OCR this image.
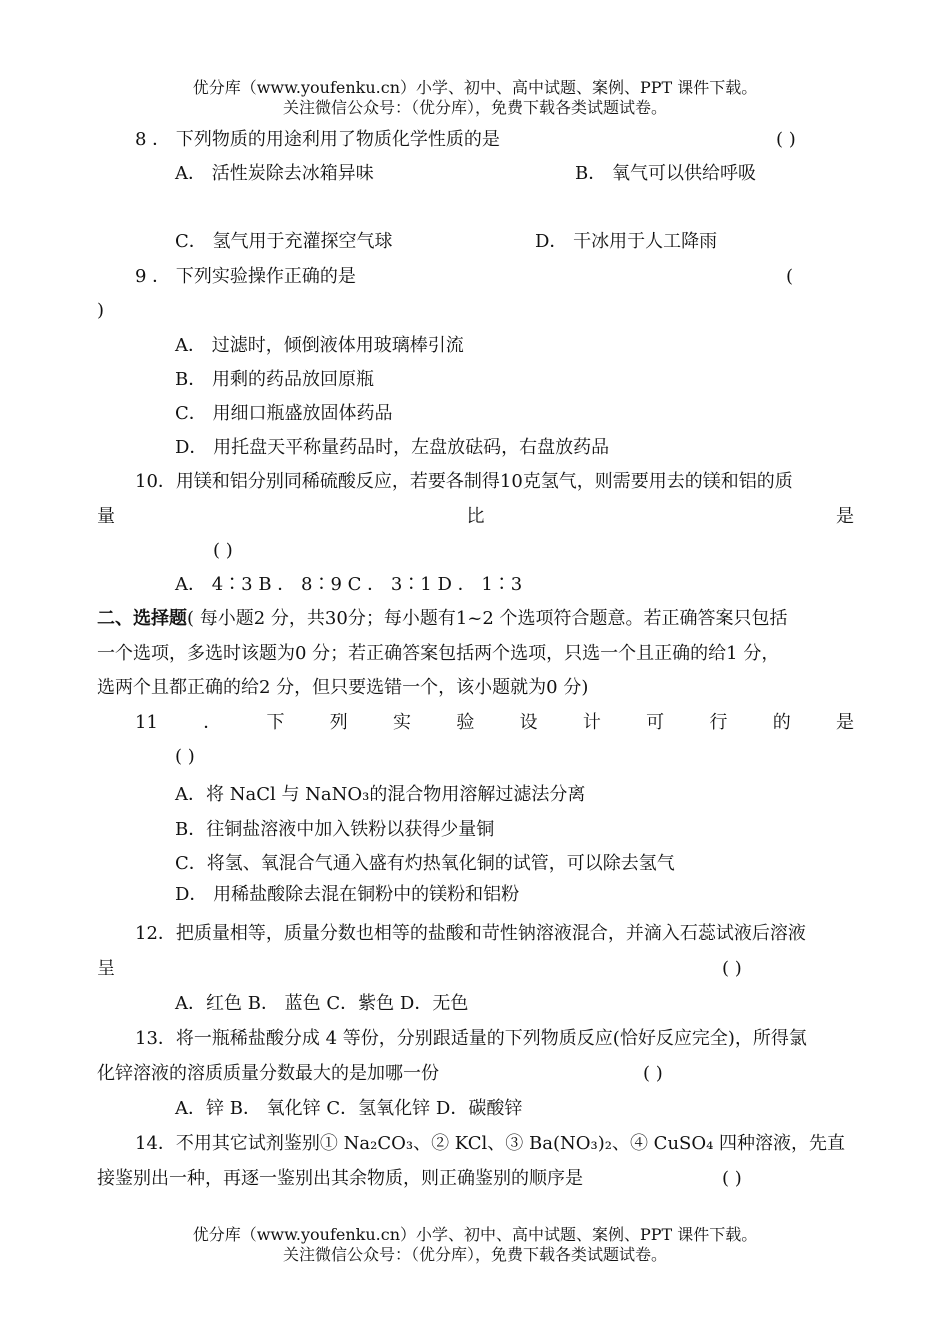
优分库（www.youfenku.cn）小学、初中、高中试题、案例、PPT 课件下载。
关注微信公众号：（优分库），免费下载各类试题试卷。
8 ． 下列物质的用途利用了物质化学性质的是	( )
A． 活性炭除去冰箱异味	B． 氧气可以供给呼吸
C． 氢气用于充灌探空气球	D． 干冰用于人工降雨
9 ． 下列实验操作正确的是	(
)
A． 过滤时，倾倒液体用玻璃棒引流
B． 用剩的药品放回原瓶
C． 用细口瓶盛放固体药品
D． 用托盘天平称量药品时，左盘放砝码，右盘放药品
10．用镁和铝分别同稀硫酸反应，若要各制得10克氢气，则需要用去的镁和铝的质
量	比	是
( )
A． 4∶3 B ． 8∶9 C ． 3∶1 D ． 1∶3
二、选择题( 每小题2 分，共30分；每小题有1~2 个选项符合题意。若正确答案只包括
一个选项，多选时该题为0 分；若正确答案包括两个选项，只选一个且正确的给1 分，
选两个且都正确的给2 分，但只要选错一个，该小题就为0 分)
11	．	下	列	实	验	设	计	可	行	的	是
( )
A．将 NaCl 与 NaNO₃的混合物用溶解过滤法分离
B．往铜盐溶液中加入铁粉以获得少量铜
C．将氢、氧混合气通入盛有灼热氧化铜的试管，可以除去氢气
D． 用稀盐酸除去混在铜粉中的镁粉和铝粉
12．把质量相等，质量分数也相等的盐酸和苛性钠溶液混合，并滴入石蕊试液后溶液
呈	( )
A．红色 B． 蓝色 C．紫色 D．无色
13．将一瓶稀盐酸分成 4 等份，分别跟适量的下列物质反应(恰好反应完全)，所得氯
化锌溶液的溶质质量分数最大的是加哪一份	( )
A．锌 B． 氧化锌 C．氢氧化锌 D．碳酸锌
14．不用其它试剂鉴别① Na₂CO₃、② KCl、③ Ba(NO₃)₂、④ CuSO₄ 四种溶液，先直
接鉴别出一种，再逐一鉴别出其余物质，则正确鉴别的顺序是	( )
优分库（www.youfenku.cn）小学、初中、高中试题、案例、PPT 课件下载。
关注微信公众号：（优分库），免费下载各类试题试卷。
